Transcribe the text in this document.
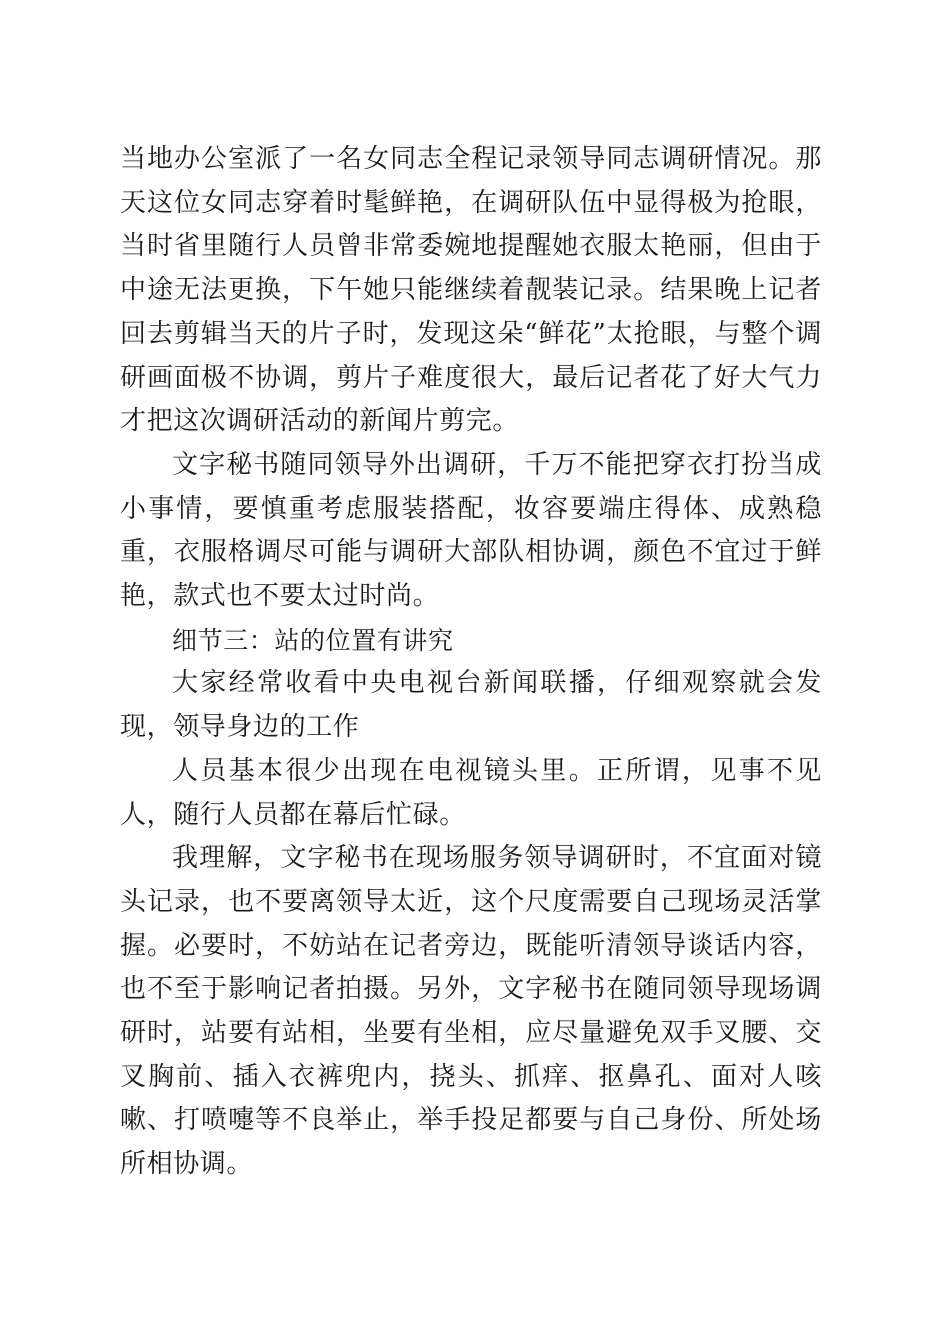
当地办公室派了一名女同志全程记录领导同志调研情况。那天这位女同志穿着时髦鲜艳，在调研队伍中显得极为抢眼，当时省里随行人员曾非常委婉地提醒她衣服太艳丽，但由于中途无法更换，下午她只能继续着靓装记录。结果晚上记者回去剪辑当天的片子时，发现这朵“鲜花”太抢眼，与整个调研画面极不协调，剪片子难度很大，最后记者花了好大气力才把这次调研活动的新闻片剪完。

文字秘书随同领导外出调研，千万不能把穿衣打扮当成小事情，要慎重考虑服装搭配，妆容要端庄得体、成熟稳重，衣服格调尽可能与调研大部队相协调，颜色不宜过于鲜艳，款式也不要太过时尚。

细节三：站的位置有讲究

大家经常收看中央电视台新闻联播，仔细观察就会发现，领导身边的工作

人员基本很少出现在电视镜头里。正所谓，见事不见人，随行人员都在幕后忙碌。

我理解，文字秘书在现场服务领导调研时，不宜面对镜头记录，也不要离领导太近，这个尺度需要自己现场灵活掌握。必要时，不妨站在记者旁边，既能听清领导谈话内容，也不至于影响记者拍摄。另外，文字秘书在随同领导现场调研时，站要有站相，坐要有坐相，应尽量避免双手叉腰、交叉胸前、插入衣裤兜内，挠头、抓痒、抠鼻孔、面对人咳嗽、打喷嚏等不良举止，举手投足都要与自己身份、所处场所相协调。
